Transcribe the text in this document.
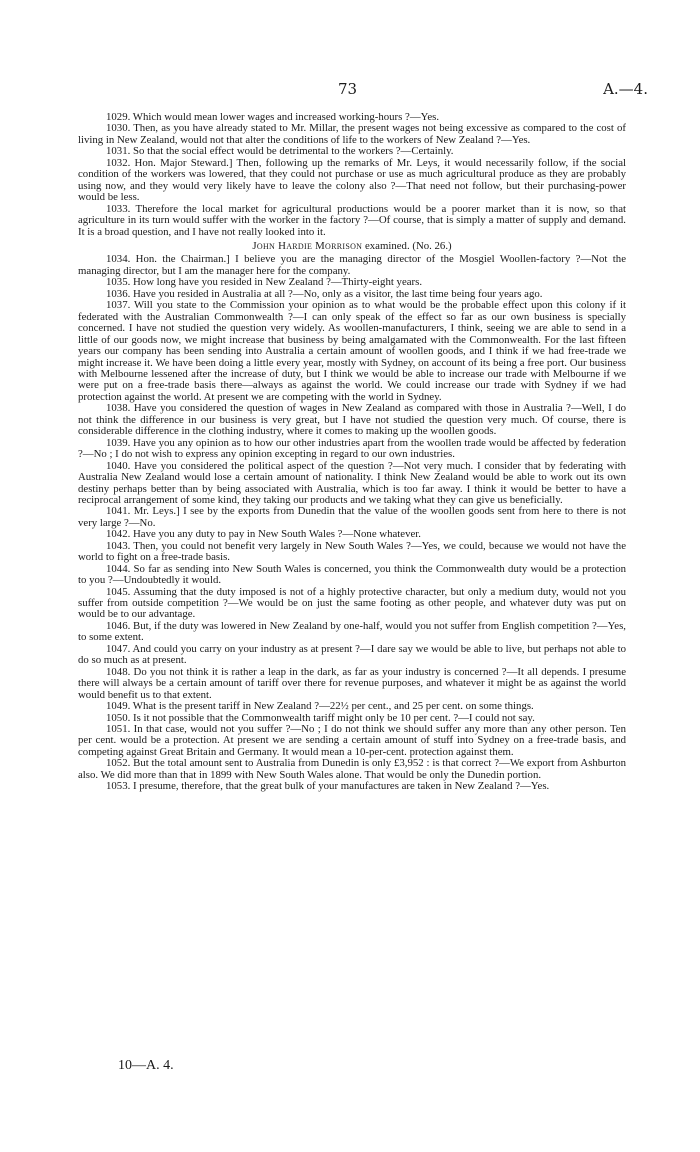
73	A.—4.

1029. Which would mean lower wages and increased working-hours ?—Yes.

1030. Then, as you have already stated to Mr. Millar, the present wages not being excessive as compared to the cost of living in New Zealand, would not that alter the conditions of life to the workers of New Zealand ?—Yes.

1031. So that the social effect would be detrimental to the workers ?—Certainly.

1032. Hon. Major Steward.] Then, following up the remarks of Mr. Leys, it would necessarily follow, if the social condition of the workers was lowered, that they could not purchase or use as much agricultural produce as they are probably using now, and they would very likely have to leave the colony also ?—That need not follow, but their purchasing-power would be less.

1033. Therefore the local market for agricultural productions would be a poorer market than it is now, so that agriculture in its turn would suffer with the worker in the factory ?—Of course, that is simply a matter of supply and demand. It is a broad question, and I have not really looked into it.

John Hardie Morrison examined. (No. 26.)

1034. Hon. the Chairman.] I believe you are the managing director of the Mosgiel Woollen-factory ?—Not the managing director, but I am the manager here for the company.

1035. How long have you resided in New Zealand ?—Thirty-eight years.

1036. Have you resided in Australia at all ?—No, only as a visitor, the last time being four years ago.

1037. Will you state to the Commission your opinion as to what would be the probable effect upon this colony if it federated with the Australian Commonwealth ?—I can only speak of the effect so far as our own business is specially concerned. I have not studied the question very widely. As woollen-manufacturers, I think, seeing we are able to send in a little of our goods now, we might increase that business by being amalgamated with the Commonwealth. For the last fifteen years our company has been sending into Australia a certain amount of woollen goods, and I think if we had free-trade we might increase it. We have been doing a little every year, mostly with Sydney, on account of its being a free port. Our business with Melbourne lessened after the increase of duty, but I think we would be able to increase our trade with Melbourne if we were put on a free-trade basis there—always as against the world. We could increase our trade with Sydney if we had protection against the world. At present we are competing with the world in Sydney.

1038. Have you considered the question of wages in New Zealand as compared with those in Australia ?—Well, I do not think the difference in our business is very great, but I have not studied the question very much. Of course, there is considerable difference in the clothing industry, where it comes to making up the woollen goods.

1039. Have you any opinion as to how our other industries apart from the woollen trade would be affected by federation ?—No ; I do not wish to express any opinion excepting in regard to our own industries.

1040. Have you considered the political aspect of the question ?—Not very much. I consider that by federating with Australia New Zealand would lose a certain amount of nationality. I think New Zealand would be able to work out its own destiny perhaps better than by being associated with Australia, which is too far away. I think it would be better to have a reciprocal arrangement of some kind, they taking our products and we taking what they can give us beneficially.

1041. Mr. Leys.] I see by the exports from Dunedin that the value of the woollen goods sent from here to there is not very large ?—No.

1042. Have you any duty to pay in New South Wales ?—None whatever.

1043. Then, you could not benefit very largely in New South Wales ?—Yes, we could, because we would not have the world to fight on a free-trade basis.

1044. So far as sending into New South Wales is concerned, you think the Commonwealth duty would be a protection to you ?—Undoubtedly it would.

1045. Assuming that the duty imposed is not of a highly protective character, but only a medium duty, would not you suffer from outside competition ?—We would be on just the same footing as other people, and whatever duty was put on would be to our advantage.

1046. But, if the duty was lowered in New Zealand by one-half, would you not suffer from English competition ?—Yes, to some extent.

1047. And could you carry on your industry as at present ?—I dare say we would be able to live, but perhaps not able to do so much as at present.

1048. Do you not think it is rather a leap in the dark, as far as your industry is concerned ?—It all depends. I presume there will always be a certain amount of tariff over there for revenue purposes, and whatever it might be as against the world would benefit us to that extent.

1049. What is the present tariff in New Zealand ?—22½ per cent., and 25 per cent. on some things.

1050. Is it not possible that the Commonwealth tariff might only be 10 per cent. ?—I could not say.

1051. In that case, would not you suffer ?—No ; I do not think we should suffer any more than any other person. Ten per cent. would be a protection. At present we are sending a certain amount of stuff into Sydney on a free-trade basis, and competing against Great Britain and Germany. It would mean a 10-per-cent. protection against them.

1052. But the total amount sent to Australia from Dunedin is only £3,952 : is that correct ?—We export from Ashburton also. We did more than that in 1899 with New South Wales alone. That would be only the Dunedin portion.

1053. I presume, therefore, that the great bulk of your manufactures are taken in New Zealand ?—Yes.

10—A. 4.
